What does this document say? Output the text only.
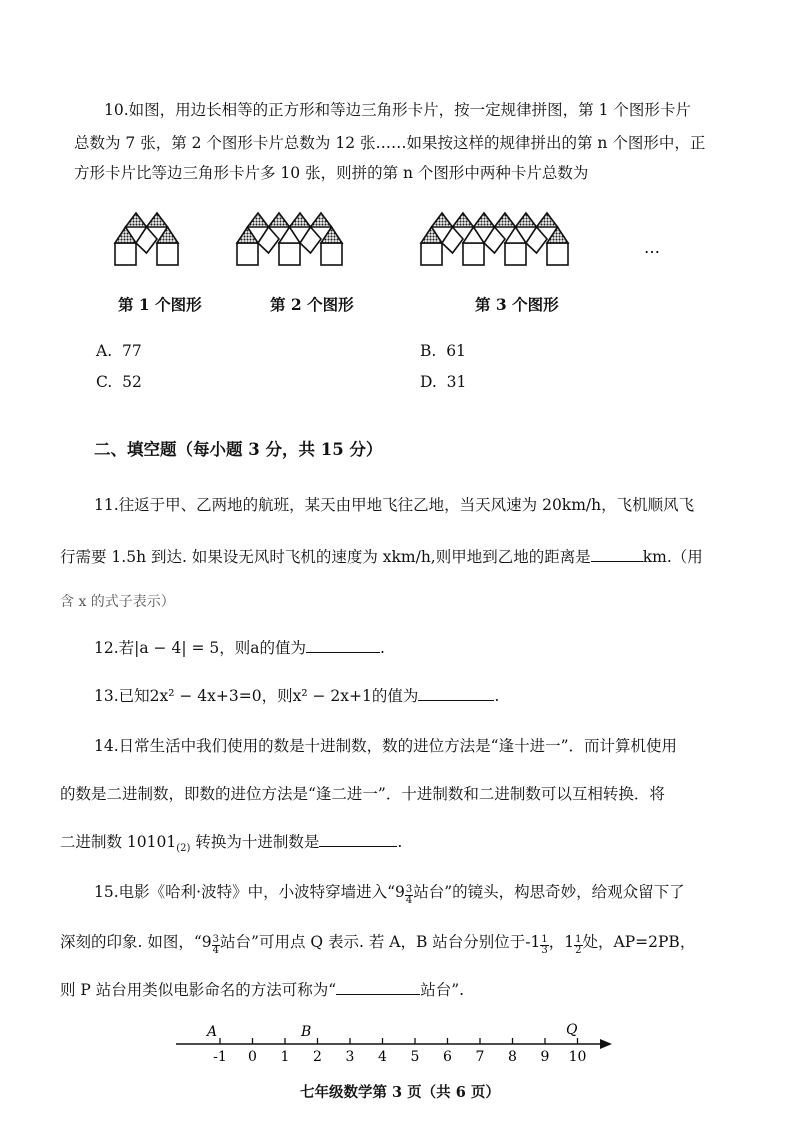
10.如图，用边长相等的正方形和等边三角形卡片，按一定规律拼图，第 1 个图形卡片
总数为 7 张，第 2 个图形卡片总数为 12 张……如果按这样的规律拼出的第 n 个图形中，正
方形卡片比等边三角形卡片多 10 张，则拼的第 n 个图形中两种卡片总数为
…
第 1 个图形	第 2 个图形	第 3 个图形
A. 77	B. 61
C. 52	D. 31
二、填空题（每小题 3 分，共 15 分）
11.往返于甲、乙两地的航班，某天由甲地飞往乙地，当天风速为 20km/h，飞机顺风飞
行需要 1.5h 到达. 如果设无风时飞机的速度为 xkm/h,则甲地到乙地的距离是	km.（用
含 x 的式子表示）
12.若|a − 4| = 5，则a的值为	.
13.已知2x² − 4x+3=0，则x² − 2x+1的值为	.
14.日常生活中我们使用的数是十进制数，数的进位方法是“逢十进一”．而计算机使用
的数是二进制数，即数的进位方法是“逢二进一”．十进制数和二进制数可以互相转换．将
二进制数 $10101_{(2)}$ 转换为十进制数是	.
15.电影《哈利·波特》中，小波特穿墙进入“$9 \frac{3}{4}$ 站台”的镜头，构思奇妙，给观众留下了
深刻的印象. 如图，“$9 \frac{3}{4}$ 站台”可用点 Q 表示. 若 A，B 站台分别位于$-1 \frac{1}{3}$ ，$1 \frac{1}{2}$ 处，AP=2PB，
则 P 站台用类似电影命名的方法可称为“	站台”.
-1 0 1 2 3 4 5 6 7 8 9 10
A	B	Q
七年级数学第 3 页（共 6 页）
